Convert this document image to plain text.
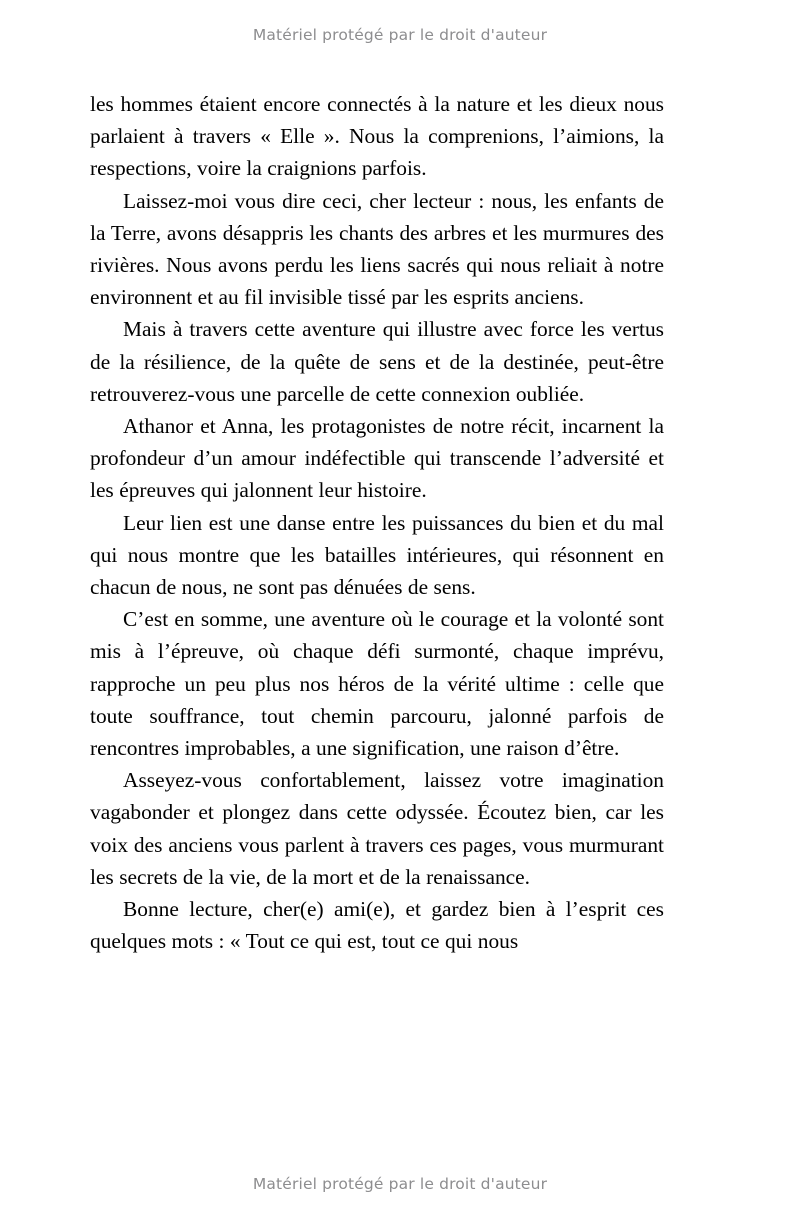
Matériel protégé par le droit d'auteur

les hommes étaient encore connectés à la nature et les dieux nous parlaient à travers « Elle ». Nous la comprenions, l’aimions, la respections, voire la craignions parfois.

Laissez-moi vous dire ceci, cher lecteur : nous, les enfants de la Terre, avons désappris les chants des arbres et les murmures des rivières. Nous avons perdu les liens sacrés qui nous reliait à notre environnent et au fil invisible tissé par les esprits anciens.

Mais à travers cette aventure qui illustre avec force les vertus de la résilience, de la quête de sens et de la destinée, peut-être retrouverez-vous une parcelle de cette connexion oubliée.

Athanor et Anna, les protagonistes de notre récit, incarnent la profondeur d’un amour indéfectible qui transcende l’adversité et les épreuves qui jalonnent leur histoire.

Leur lien est une danse entre les puissances du bien et du mal qui nous montre que les batailles intérieures, qui résonnent en chacun de nous, ne sont pas dénuées de sens.

C’est en somme, une aventure où le courage et la volonté sont mis à l’épreuve, où chaque défi surmonté, chaque imprévu, rapproche un peu plus nos héros de la vérité ultime : celle que toute souffrance, tout chemin parcouru, jalonné parfois de rencontres improbables, a une signification, une raison d’être.

Asseyez-vous confortablement, laissez votre imagination vagabonder et plongez dans cette odyssée. Écoutez bien, car les voix des anciens vous parlent à travers ces pages, vous murmurant les secrets de la vie, de la mort et de la renaissance.

Bonne lecture, cher(e) ami(e), et gardez bien à l’esprit ces quelques mots : « Tout ce qui est, tout ce qui nous

Matériel protégé par le droit d'auteur
